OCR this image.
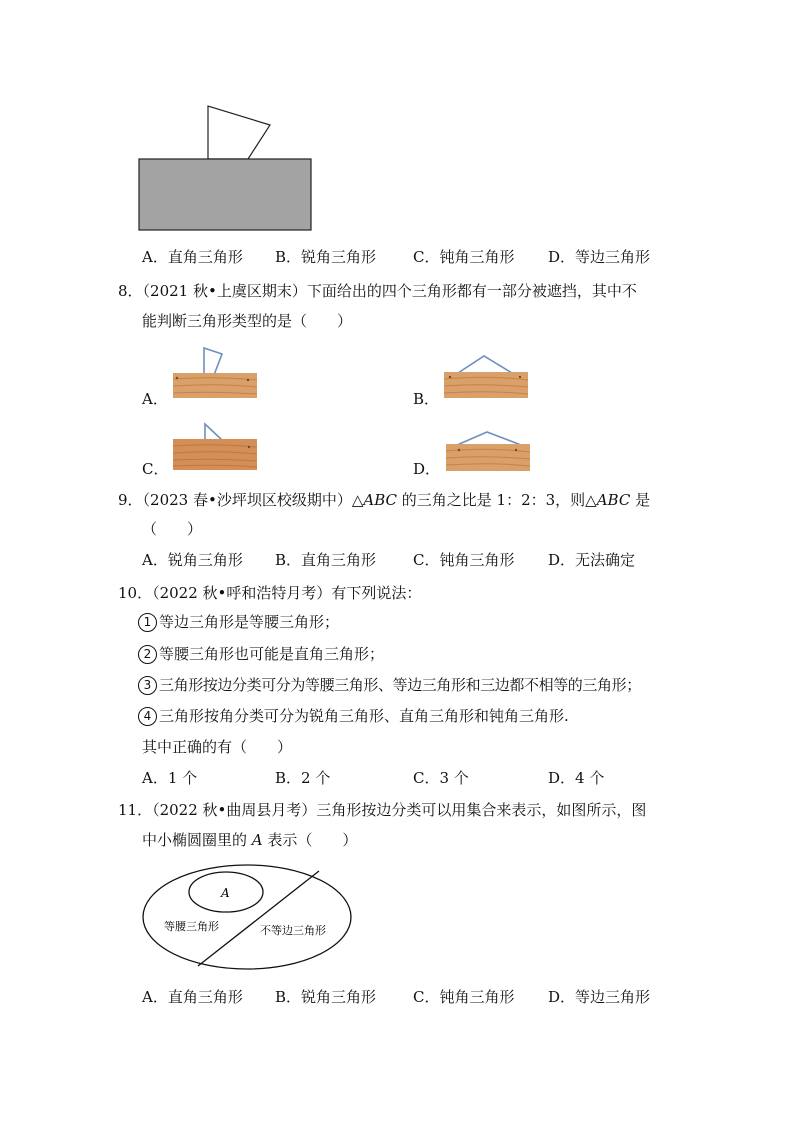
A．直角三角形 B．锐角三角形 C．钝角三角形 D．等边三角形
8．（2021 秋•上虞区期末）下面给出的四个三角形都有一部分被遮挡，其中不
能判断三角形类型的是（　　）
A．	B．
C．	D．
9．（2023 春•沙坪坝区校级期中）△ABC 的三角之比是 1：2：3，则△ABC 是
（　　）
A．锐角三角形 B．直角三角形 C．钝角三角形 D．无法确定
10．（2022 秋•呼和浩特月考）有下列说法：
1 等边三角形是等腰三角形；
2 等腰三角形也可能是直角三角形；
3 三角形按边分类可分为等腰三角形、等边三角形和三边都不相等的三角形；
4 三角形按角分类可分为锐角三角形、直角三角形和钝角三角形.
其中正确的有（　　）
A．1 个	B．2 个	C．3 个	D．4 个
11．（2022 秋•曲周县月考）三角形按边分类可以用集合来表示，如图所示，图
中小椭圆圈里的 A 表示（　　）
A
等腰三角形	不等边三角形
A．直角三角形 B．锐角三角形 C．钝角三角形 D．等边三角形
